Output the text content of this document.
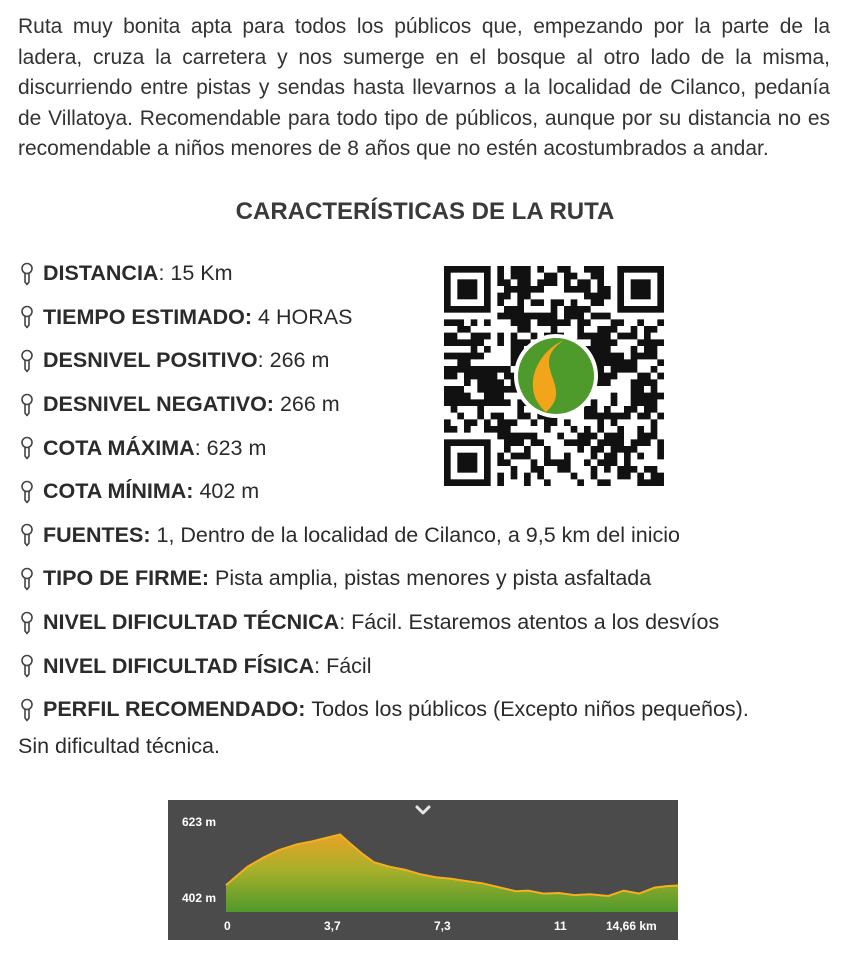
Ruta muy bonita apta para todos los públicos que, empezando por la parte de la ladera, cruza la carretera y nos sumerge en el bosque al otro lado de la misma, discurriendo entre pistas y sendas hasta llevarnos a la localidad de Cilanco, pedanía de Villatoya. Recomendable para todo tipo de públicos, aunque por su distancia no es recomendable a niños menores de 8 años que no estén acostumbrados a andar.

CARACTERÍSTICAS DE LA RUTA
DISTANCIA : 15 Km
TIEMPO ESTIMADO:
4 HORAS
DESNIVEL POSITIVO : 266 m
DESNIVEL NEGATIVO:
266 m
COTA MÁXIMA : 623 m
COTA MÍNIMA:
402 m
FUENTES:
1, Dentro de la localidad de Cilanco, a 9,5 km del inicio
TIPO DE FIRME:
Pista amplia, pistas menores y pista asfaltada
NIVEL DIFICULTAD TÉCNICA : Fácil. Estaremos atentos a los desvíos
NIVEL DIFICULTAD FÍSICA : Fácil
PERFIL RECOMENDADO:
Todos los públicos (Excepto niños pequeños).

Sin dificultad técnica.

623 m
402 m
0	3,7	7,3	11	14,66 km
